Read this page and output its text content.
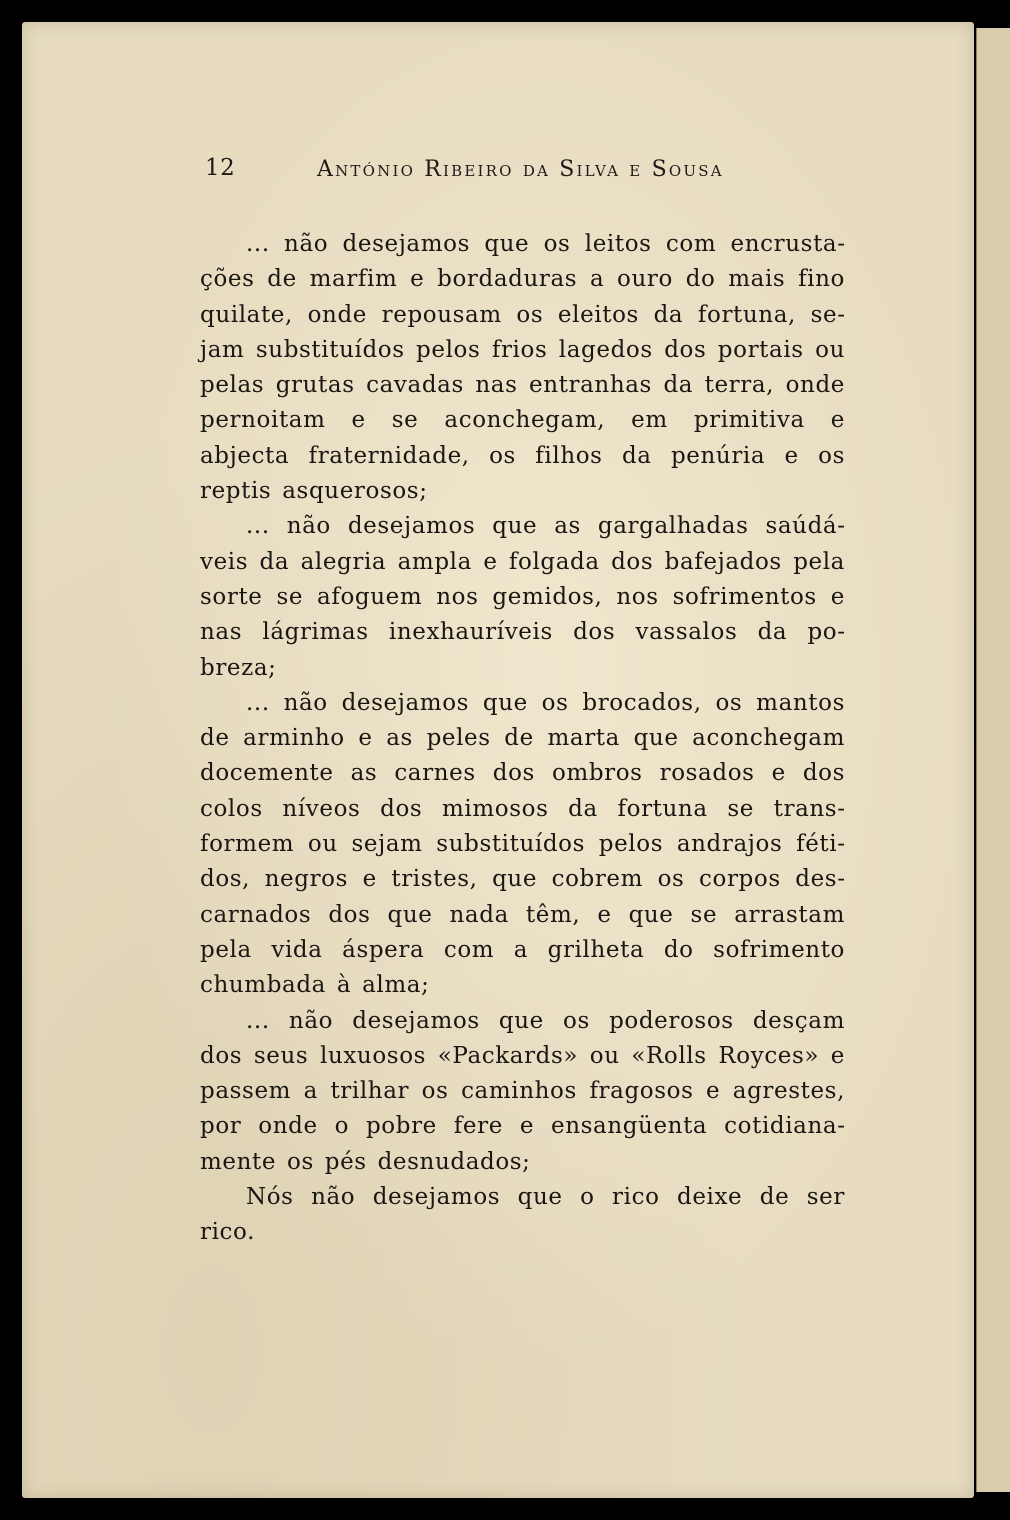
12	António Ribeiro da Silva e Sousa

... não desejamos que os leitos com encrustações de marfim e bordaduras a ouro do mais fino quilate, onde repousam os eleitos da fortuna, sejam substituídos pelos frios lagedos dos portais ou pelas grutas cavadas nas entranhas da terra, onde pernoitam e se aconchegam, em primitiva e abjecta fraternidade, os filhos da penúria e os reptis asquerosos;

... não desejamos que as gargalhadas saúdáveis da alegria ampla e folgada dos bafejados pela sorte se afoguem nos gemidos, nos sofrimentos e nas lágrimas inexhauríveis dos vassalos da pobreza;

... não desejamos que os brocados, os mantos de arminho e as peles de marta que aconchegam docemente as carnes dos ombros rosados e dos colos níveos dos mimosos da fortuna se transformem ou sejam substituídos pelos andrajos fétidos, negros e tristes, que cobrem os corpos descarnados dos que nada têm, e que se arrastam pela vida áspera com a grilheta do sofrimento chumbada à alma;

... não desejamos que os poderosos desçam dos seus luxuosos «Packards» ou «Rolls Royces» e passem a trilhar os caminhos fragosos e agrestes, por onde o pobre fere e ensangüenta cotidianamente os pés desnudados;

Nós não desejamos que o rico deixe de ser rico.
